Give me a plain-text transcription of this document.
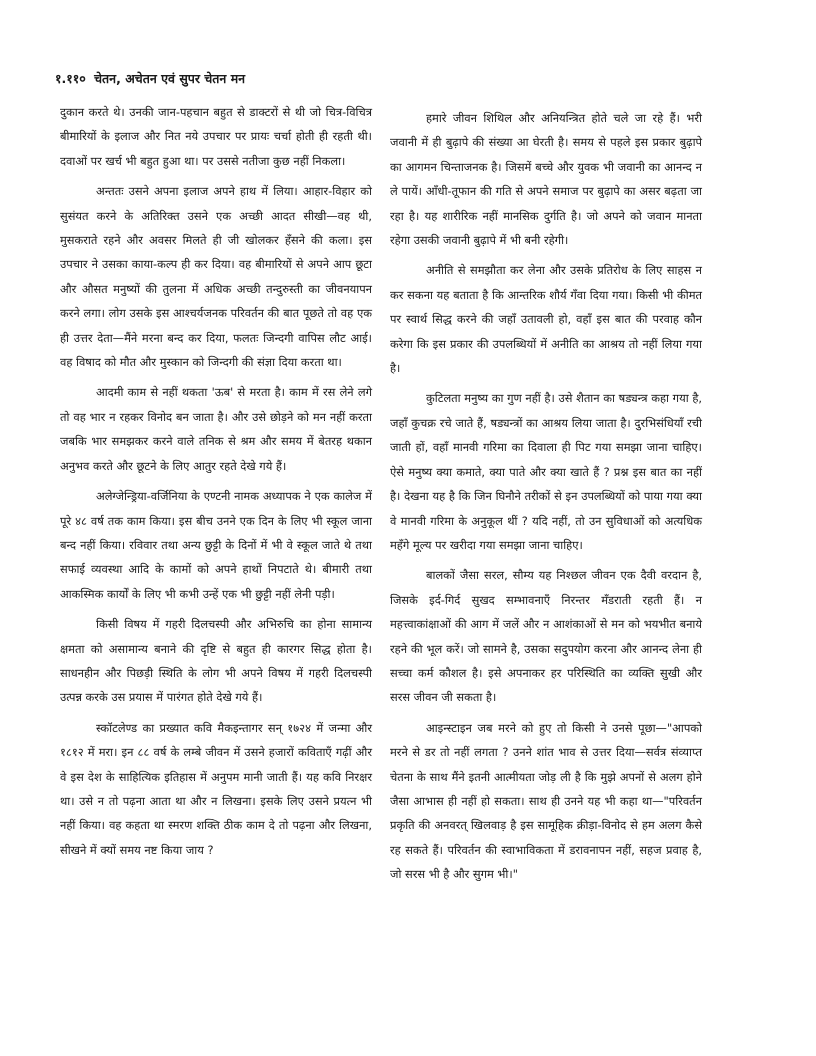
१.११० चेतन, अचेतन एवं सुपर चेतन मन

दुकान करते थे। उनकी जान-पहचान बहुत से डाक्टरों से थी जो चित्र-विचित्र बीमारियों के इलाज और नित नये उपचार पर प्रायः चर्चा होती ही रहती थी। दवाओं पर खर्च भी बहुत हुआ था। पर उससे नतीजा कुछ नहीं निकला।

अन्ततः उसने अपना इलाज अपने हाथ में लिया। आहार-विहार को सुसंयत करने के अतिरिक्त उसने एक अच्छी आदत सीखी—वह थी, मुसकराते रहने और अवसर मिलते ही जी खोलकर हँसने की कला। इस उपचार ने उसका काया-कल्प ही कर दिया। वह बीमारियों से अपने आप छूटा और औसत मनुष्यों की तुलना में अधिक अच्छी तन्दुरुस्ती का जीवनयापन करने लगा। लोग उसके इस आश्चर्यजनक परिवर्तन की बात पूछते तो वह एक ही उत्तर देता—मैंने मरना बन्द कर दिया, फलतः जिन्दगी वापिस लौट आई। वह विषाद को मौत और मुस्कान को जिन्दगी की संज्ञा दिया करता था।

आदमी काम से नहीं थकता 'ऊब' से मरता है। काम में रस लेने लगे तो वह भार न रहकर विनोद बन जाता है। और उसे छोड़ने को मन नहीं करता जबकि भार समझकर करने वाले तनिक से श्रम और समय में बेतरह थकान अनुभव करते और छूटने के लिए आतुर रहते देखे गये हैं।

अलेग्जेन्ड्रिया-वर्जिनिया के एण्टनी नामक अध्यापक ने एक कालेज में पूरे ४८ वर्ष तक काम किया। इस बीच उनने एक दिन के लिए भी स्कूल जाना बन्द नहीं किया। रविवार तथा अन्य छुट्टी के दिनों में भी वे स्कूल जाते थे तथा सफाई व्यवस्था आदि के कामों को अपने हाथों निपटाते थे। बीमारी तथा आकस्मिक कार्यों के लिए भी कभी उन्हें एक भी छुट्टी नहीं लेनी पड़ी।

किसी विषय में गहरी दिलचस्पी और अभिरुचि का होना सामान्य क्षमता को असामान्य बनाने की दृष्टि से बहुत ही कारगर सिद्ध होता है। साधनहीन और पिछड़ी स्थिति के लोग भी अपने विषय में गहरी दिलचस्पी उत्पन्न करके उस प्रयास में पारंगत होते देखे गये हैं।

स्कॉटलेण्ड का प्रख्यात कवि मैकइन्तागर सन् १७२४ में जन्मा और १८१२ में मरा। इन ८८ वर्ष के लम्बे जीवन में उसने हजारों कविताएँ गढ़ीं और वे इस देश के साहित्यिक इतिहास में अनुपम मानी जाती हैं। यह कवि निरक्षर था। उसे न तो पढ़ना आता था और न लिखना। इसके लिए उसने प्रयत्न भी नहीं किया। वह कहता था स्मरण शक्ति ठीक काम दे तो पढ़ना और लिखना, सीखने में क्यों समय नष्ट किया जाय ?

हमारे जीवन शिथिल और अनियन्त्रित होते चले जा रहे हैं। भरी जवानी में ही बुढ़ापे की संख्या आ घेरती है। समय से पहले इस प्रकार बुढ़ापे का आगमन चिन्ताजनक है। जिसमें बच्चे और युवक भी जवानी का आनन्द न ले पायें। आँधी-तूफान की गति से अपने समाज पर बुढ़ापे का असर बढ़ता जा रहा है। यह शारीरिक नहीं मानसिक दुर्गति है। जो अपने को जवान मानता रहेगा उसकी जवानी बुढ़ापे में भी बनी रहेगी।

अनीति से समझौता कर लेना और उसके प्रतिरोध के लिए साहस न कर सकना यह बताता है कि आन्तरिक शौर्य गँवा दिया गया। किसी भी कीमत पर स्वार्थ सिद्ध करने की जहाँ उतावली हो, वहाँ इस बात की परवाह कौन करेगा कि इस प्रकार की उपलब्धियों में अनीति का आश्रय तो नहीं लिया गया है।

कुटिलता मनुष्य का गुण नहीं है। उसे शैतान का षड्यन्त्र कहा गया है, जहाँ कुचक्र रचे जाते हैं, षड्यन्त्रों का आश्रय लिया जाता है। दुरभिसंधियाँ रची जाती हों, वहाँ मानवी गरिमा का दिवाला ही पिट गया समझा जाना चाहिए। ऐसे मनुष्य क्या कमाते, क्या पाते और क्या खाते हैं ? प्रश्न इस बात का नहीं है। देखना यह है कि जिन घिनौने तरीकों से इन उपलब्धियों को पाया गया क्या वे मानवी गरिमा के अनुकूल थीं ? यदि नहीं, तो उन सुविधाओं को अत्यधिक महँगे मूल्य पर खरीदा गया समझा जाना चाहिए।

बालकों जैसा सरल, सौम्य यह निश्छल जीवन एक दैवी वरदान है, जिसके इर्द-गिर्द सुखद सम्भावनाएँ निरन्तर मँडराती रहती हैं। न महत्त्वाकांक्षाओं की आग में जलें और न आशंकाओं से मन को भयभीत बनाये रहने की भूल करें। जो सामने है, उसका सदुपयोग करना और आनन्द लेना ही सच्चा कर्म कौशल है। इसे अपनाकर हर परिस्थिति का व्यक्ति सुखी और सरस जीवन जी सकता है।

आइन्स्टाइन जब मरने को हुए तो किसी ने उनसे पूछा—"आपको मरने से डर तो नहीं लगता ? उनने शांत भाव से उत्तर दिया—सर्वत्र संव्याप्त चेतना के साथ मैंने इतनी आत्मीयता जोड़ ली है कि मुझे अपनों से अलग होने जैसा आभास ही नहीं हो सकता। साथ ही उनने यह भी कहा था—"परिवर्तन प्रकृति की अनवरत् खिलवाड़ है इस सामूहिक क्रीड़ा-विनोद से हम अलग कैसे रह सकते हैं। परिवर्तन की स्वाभाविकता में डरावनापन नहीं, सहज प्रवाह है, जो सरस भी है और सुगम भी।"
